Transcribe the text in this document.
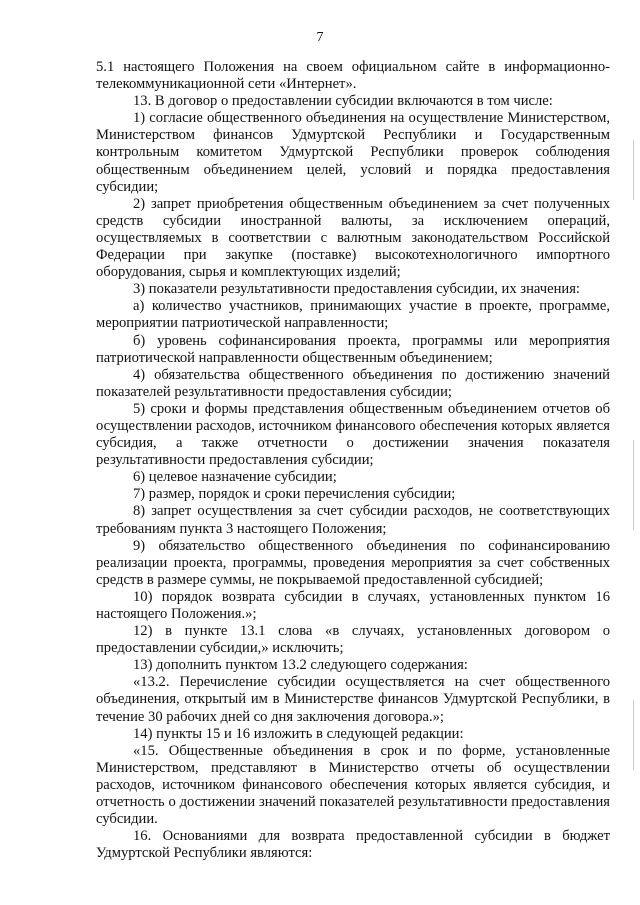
7

5.1 настоящего Положения на своем официальном сайте в информационно-телекоммуникационной сети «Интернет».

13. В договор о предоставлении субсидии включаются в том числе:

1) согласие общественного объединения на осуществление Министерством, Министерством финансов Удмуртской Республики и Государственным контрольным комитетом Удмуртской Республики проверок соблюдения общественным объединением целей, условий и порядка предоставления субсидии;

2) запрет приобретения общественным объединением за счет полученных средств субсидии иностранной валюты, за исключением операций, осуществляемых в соответствии с валютным законодательством Российской Федерации при закупке (поставке) высокотехнологичного импортного оборудования, сырья и комплектующих изделий;

3) показатели результативности предоставления субсидии, их значения:

а) количество участников, принимающих участие в проекте, программе, мероприятии патриотической направленности;

б) уровень софинансирования проекта, программы или мероприятия патриотической направленности общественным объединением;

4) обязательства общественного объединения по достижению значений показателей результативности предоставления субсидии;

5) сроки и формы представления общественным объединением отчетов об осуществлении расходов, источником финансового обеспечения которых является субсидия, а также отчетности о достижении значения показателя результативности предоставления субсидии;

6) целевое назначение субсидии;

7) размер, порядок и сроки перечисления субсидии;

8) запрет осуществления за счет субсидии расходов, не соответствующих требованиям пункта 3 настоящего Положения;

9) обязательство общественного объединения по софинансированию реализации проекта, программы, проведения мероприятия за счет собственных средств в размере суммы, не покрываемой предоставленной субсидией;

10) порядок возврата субсидии в случаях, установленных пунктом 16 настоящего Положения.»;

12) в пункте 13.1 слова «в случаях, установленных договором о предоставлении субсидии,» исключить;

13) дополнить пунктом 13.2 следующего содержания:

«13.2. Перечисление субсидии осуществляется на счет общественного объединения, открытый им в Министерстве финансов Удмуртской Республики, в течение 30 рабочих дней со дня заключения договора.»;

14) пункты 15 и 16 изложить в следующей редакции:

«15. Общественные объединения в срок и по форме, установленные Министерством, представляют в Министерство отчеты об осуществлении расходов, источником финансового обеспечения которых является субсидия, и отчетность о достижении значений показателей результативности предоставления субсидии.

16. Основаниями для возврата предоставленной субсидии в бюджет Удмуртской Республики являются:
